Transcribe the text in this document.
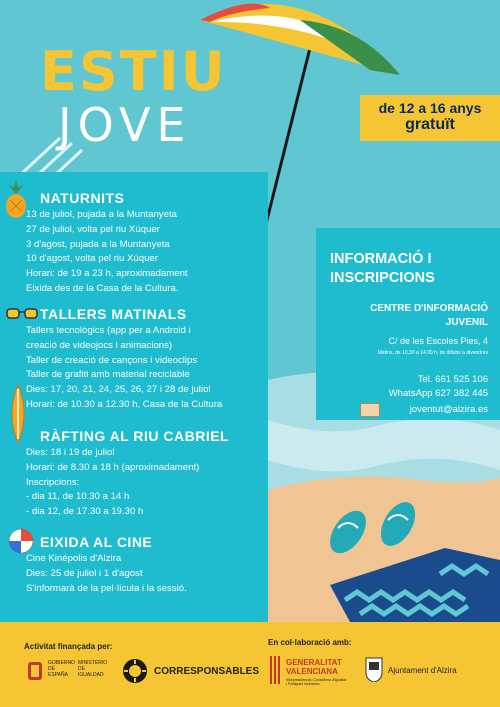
ESTIU
JOVE	de 12 a 16 anys
gratuït
NATURNITS
13 de juliol, pujada a la Muntanyeta
27 de juliol, volta pel riu Xúquer
3 d'agost, pujada a la Muntanyeta
10 d'agost, volta pel riu Xúquer
Horari: de 19 a 23 h, aproximadament
Eixida des de la Casa de la Cultura.
TALLERS MATINALS
Tallers tecnològics (app per a Android i
creació de videojocs i animacions)
Taller de creació de cançons i videoclips
Taller de grafiti amb material reciclable
Dies: 17, 20, 21, 24, 25, 26, 27 i 28 de juliol
Horari: de 10.30 a 12.30 h, Casa de la Cultura
RÀFTING AL RIU CABRIEL
Dies: 18 i 19 de juliol
Horari: de 8.30 a 18 h (aproximadament)
Inscripcions:
- dia 11, de 10.30 a 14 h
- dia 12, de 17.30 a 19.30 h
EIXIDA AL CINE
Cine Kinépolis d'Alzira
Dies: 25 de juliol i 1 d'agost
S'informarà de la pel·lícula i la sessió.
INFORMACIÓ I
INSCRIPCIONS
CENTRE D'INFORMACIÓ
JUVENIL
C/ de les Escoles Pies, 4
Matins, de 10.30 a 14.00 h, de dilluns a divendres
Tel. 661 525 106
WhatsApp 627 382 445
joventut@alzira.es
Activitat finançada per:	En col·laboració amb:
GOBIERNO DE ESPAÑA
MINISTERIO DE IGUALDAD	CORRESPONSABLES
GENERALITAT
VALENCIANA
Vicepresidència i Conselleria d'Igualtat i Polítiques Inclusives
Ajuntament d'Alzira
